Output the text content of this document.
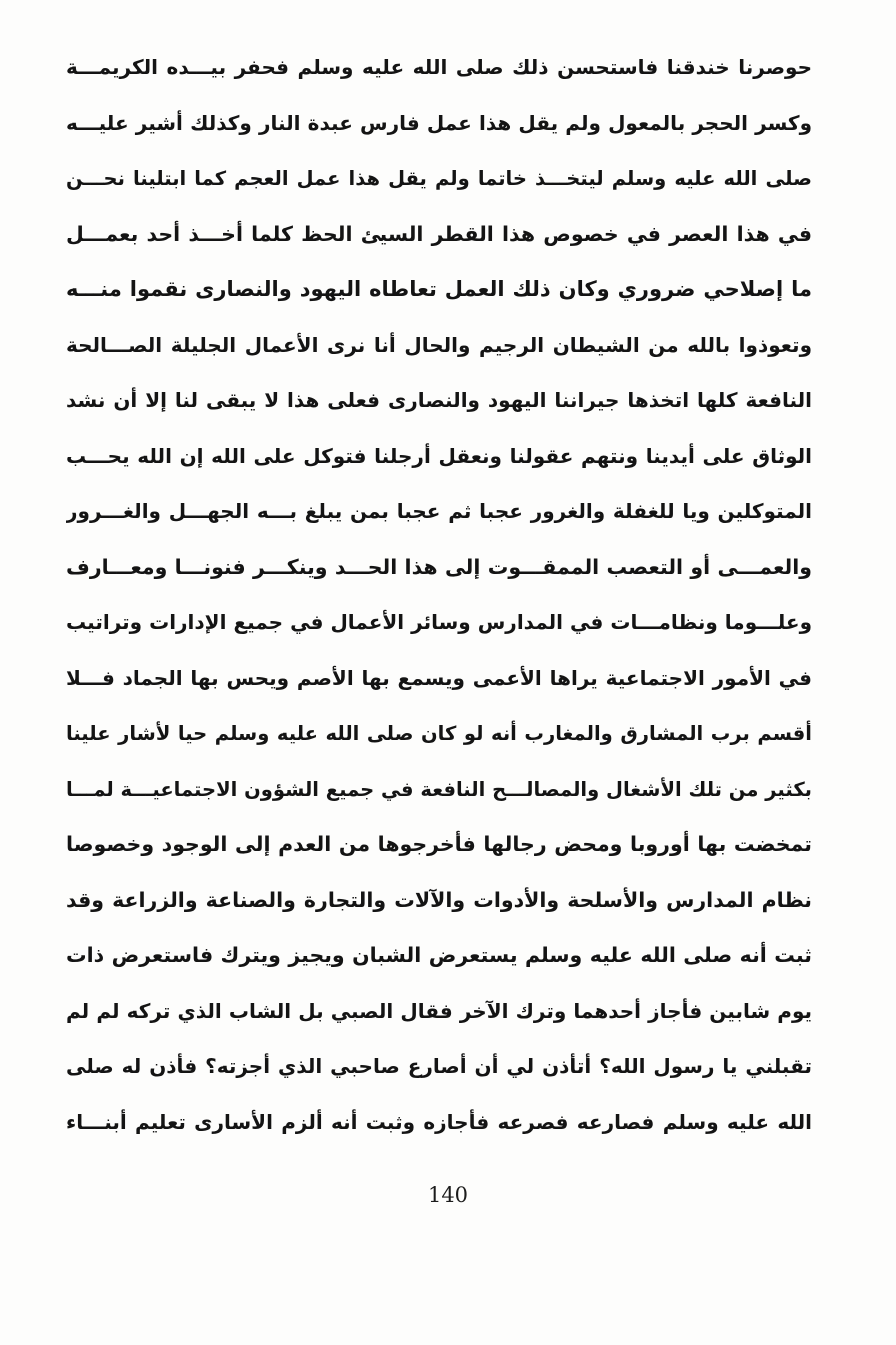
حوصرنا خندقنا فاستحسن ذلك صلى الله عليه وسلم فحفر بيـــده الكريمـــة
وكسر الحجر بالمعول ولم يقل هذا عمل فارس عبدة النار وكذلك أشير عليـــه
صلى الله عليه وسلم ليتخـــذ خاتما ولم يقل هذا عمل العجم كما ابتلينا نحـــن
في هذا العصر في خصوص هذا القطر السيئ الحظ كلما أخـــذ أحد بعمـــل
ما إصلاحي ضروري وكان ذلك العمل تعاطاه اليهود والنصارى نقموا منـــه
وتعوذوا بالله من الشيطان الرجيم والحال أنا نرى الأعمال الجليلة الصـــالحة
النافعة كلها اتخذها جيراننا اليهود والنصارى فعلى هذا لا يبقى لنا إلا أن نشد
الوثاق على أيدينا ونتهم عقولنا ونعقل أرجلنا فتوكل على الله إن الله يحـــب
المتوكلين ويا للغفلة والغرور عجبا ثم عجبا بمن يبلغ بـــه الجهـــل والغـــرور
والعمـــى أو التعصب الممقـــوت إلى هذا الحـــد وينكـــر فنونـــا ومعـــارف
وعلـــوما ونظامـــات في المدارس وسائر الأعمال في جميع الإدارات وتراتيب
في الأمور الاجتماعية يراها الأعمى ويسمع بها الأصم ويحس بها الجماد فـــلا
أقسم برب المشارق والمغارب أنه لو كان صلى الله عليه وسلم حيا لأشار علينا
بكثير من تلك الأشغال والمصالـــح النافعة في جميع الشؤون الاجتماعيـــة لمـــا
تمخضت بها أوروبا ومحض رجالها فأخرجوها من العدم إلى الوجود وخصوصا
نظام المدارس والأسلحة والأدوات والآلات والتجارة والصناعة والزراعة وقد
ثبت أنه صلى الله عليه وسلم يستعرض الشبان ويجيز ويترك فاستعرض ذات
يوم شابين فأجاز أحدهما وترك الآخر فقال الصبي بل الشاب الذي تركه لم لم
تقبلني يا رسول الله؟ أتأذن لي أن أصارع صاحبي الذي أجزته؟ فأذن له صلى
الله عليه وسلم فصارعه فصرعه فأجازه وثبت أنه ألزم الأسارى تعليم أبنـــاء
140
